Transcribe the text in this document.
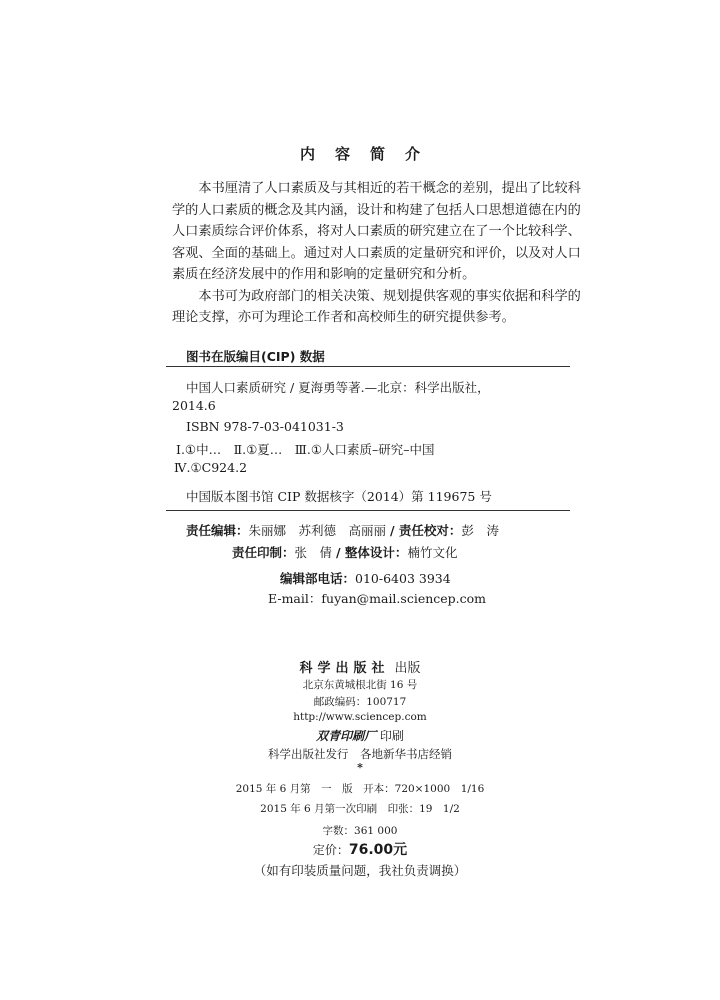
内容简介

本书厘清了人口素质及与其相近的若干概念的差别，提出了比较科学的人口素质的概念及其内涵，设计和构建了包括人口思想道德在内的人口素质综合评价体系，将对人口素质的研究建立在了一个比较科学、客观、全面的基础上。通过对人口素质的定量研究和评价，以及对人口素质在经济发展中的作用和影响的定量研究和分析。

本书可为政府部门的相关决策、规划提供客观的事实依据和科学的理论支撑，亦可为理论工作者和高校师生的研究提供参考。

图书在版编目(CIP) 数据
中国人口素质研究 / 夏海勇等著.—北京：科学出版社，
2014.6
ISBN 978-7-03-041031-3
Ⅰ.①中…　Ⅱ.①夏…　Ⅲ.①人口素质–研究–中国
Ⅳ.①C924.2
中国版本图书馆 CIP 数据核字（2014）第 119675 号
责任编辑：朱丽娜　苏利德　高丽丽 / 责任校对：彭　涛
责任印制：张　倩 / 整体设计：楠竹文化
编辑部电话：010-6403 3934
E-mail：fuyan@mail.sciencep.com
科学出版社 出版
北京东黄城根北街 16 号
邮政编码：100717
http://www.sciencep.com
双青印刷厂 印刷
科学出版社发行　各地新华书店经销
*
2015 年 6 月第　一　版　开本：720×1000　1/16
2015 年 6 月第一次印刷　印张：19　1/2
字数：361 000
定价：76.00元
（如有印装质量问题，我社负责调换）
